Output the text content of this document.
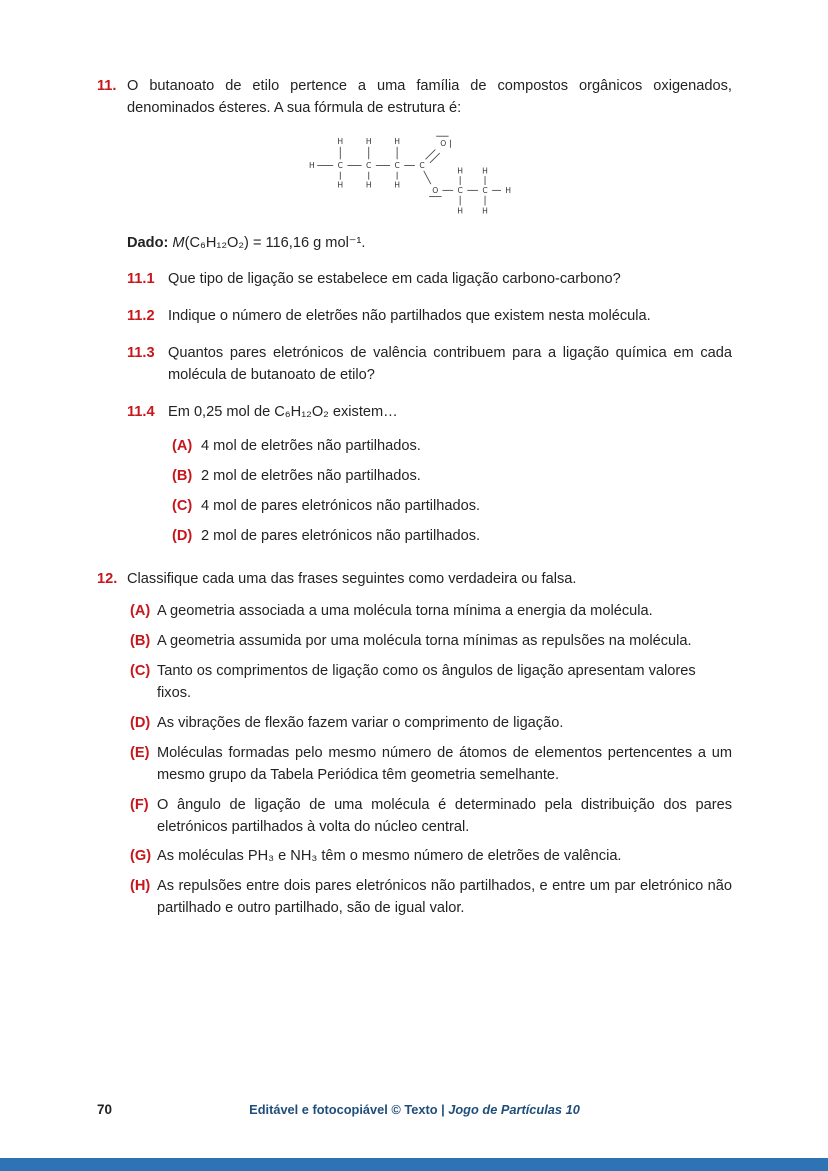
11. O butanoato de etilo pertence a uma família de compostos orgânicos oxigenados, denominados ésteres. A sua fórmula de estrutura é:

H	H	H	O
H	C	C	C C
H	H	H
O C C H
H H
H H

Dado: M(C₆H₁₂O₂) = 116,16 g mol⁻¹.

11.1 Que tipo de ligação se estabelece em cada ligação carbono-carbono?

11.2 Indique o número de eletrões não partilhados que existem nesta molécula.

11.3 Quantos pares eletrónicos de valência contribuem para a ligação química em cada molécula de butanoato de etilo?

11.4 Em 0,25 mol de C₆H₁₂O₂ existem…

(A) 4 mol de eletrões não partilhados.

(B) 2 mol de eletrões não partilhados.

(C) 4 mol de pares eletrónicos não partilhados.

(D) 2 mol de pares eletrónicos não partilhados.

12. Classifique cada uma das frases seguintes como verdadeira ou falsa.

(A) A geometria associada a uma molécula torna mínima a energia da molécula.

(B) A geometria assumida por uma molécula torna mínimas as repulsões na molécula.

(C) Tanto os comprimentos de ligação como os ângulos de ligação apresentam valores fixos.

(D) As vibrações de flexão fazem variar o comprimento de ligação.

(E) Moléculas formadas pelo mesmo número de átomos de elementos pertencentes a um mesmo grupo da Tabela Periódica têm geometria semelhante.

(F) O ângulo de ligação de uma molécula é determinado pela distribuição dos pares eletrónicos partilhados à volta do núcleo central.

(G) As moléculas PH₃ e NH₃ têm o mesmo número de eletrões de valência.

(H) As repulsões entre dois pares eletrónicos não partilhados, e entre um par eletrónico não partilhado e outro partilhado, são de igual valor.

70	Editável e fotocopiável © Texto | Jogo de Partículas 10
